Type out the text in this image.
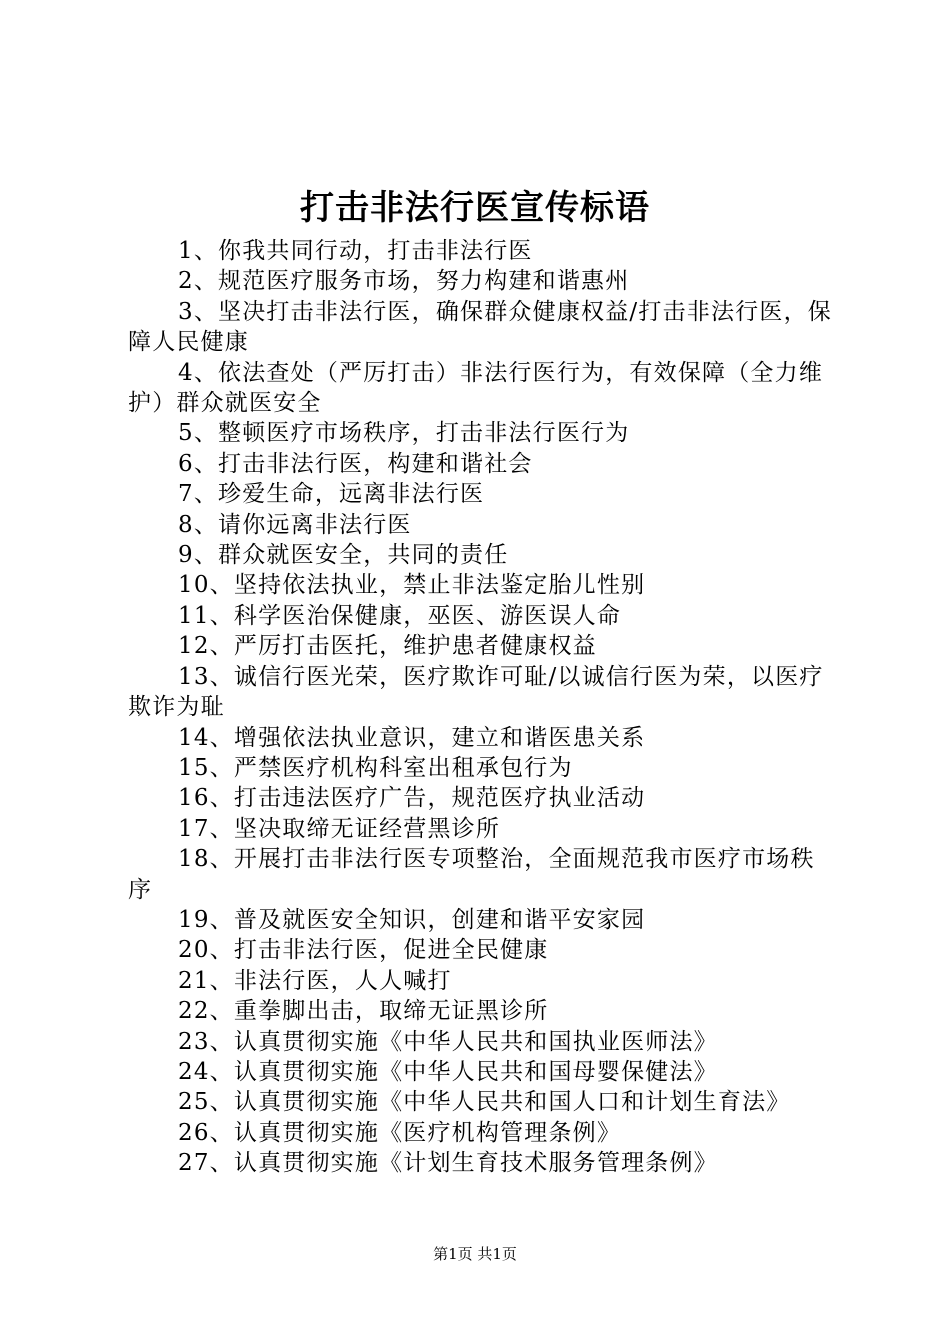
打击非法行医宣传标语

1、你我共同行动，打击非法行医

2、规范医疗服务市场，努力构建和谐惠州

3、坚决打击非法行医，确保群众健康权益/打击非法行医，保障人民健康

4、依法查处（严厉打击）非法行医行为，有效保障（全力维护）群众就医安全

5、整顿医疗市场秩序，打击非法行医行为

6、打击非法行医，构建和谐社会

7、珍爱生命，远离非法行医

8、请你远离非法行医

9、群众就医安全，共同的责任

10、坚持依法执业，禁止非法鉴定胎儿性别

11、科学医治保健康，巫医、游医误人命

12、严厉打击医托，维护患者健康权益

13、诚信行医光荣，医疗欺诈可耻/以诚信行医为荣，以医疗欺诈为耻

14、增强依法执业意识，建立和谐医患关系

15、严禁医疗机构科室出租承包行为

16、打击违法医疗广告，规范医疗执业活动

17、坚决取缔无证经营黑诊所

18、开展打击非法行医专项整治，全面规范我市医疗市场秩序

19、普及就医安全知识，创建和谐平安家园

20、打击非法行医，促进全民健康

21、非法行医，人人喊打

22、重拳脚出击，取缔无证黑诊所

23、认真贯彻实施《中华人民共和国执业医师法》

24、认真贯彻实施《中华人民共和国母婴保健法》

25、认真贯彻实施《中华人民共和国人口和计划生育法》

26、认真贯彻实施《医疗机构管理条例》

27、认真贯彻实施《计划生育技术服务管理条例》

第1页 共1页
